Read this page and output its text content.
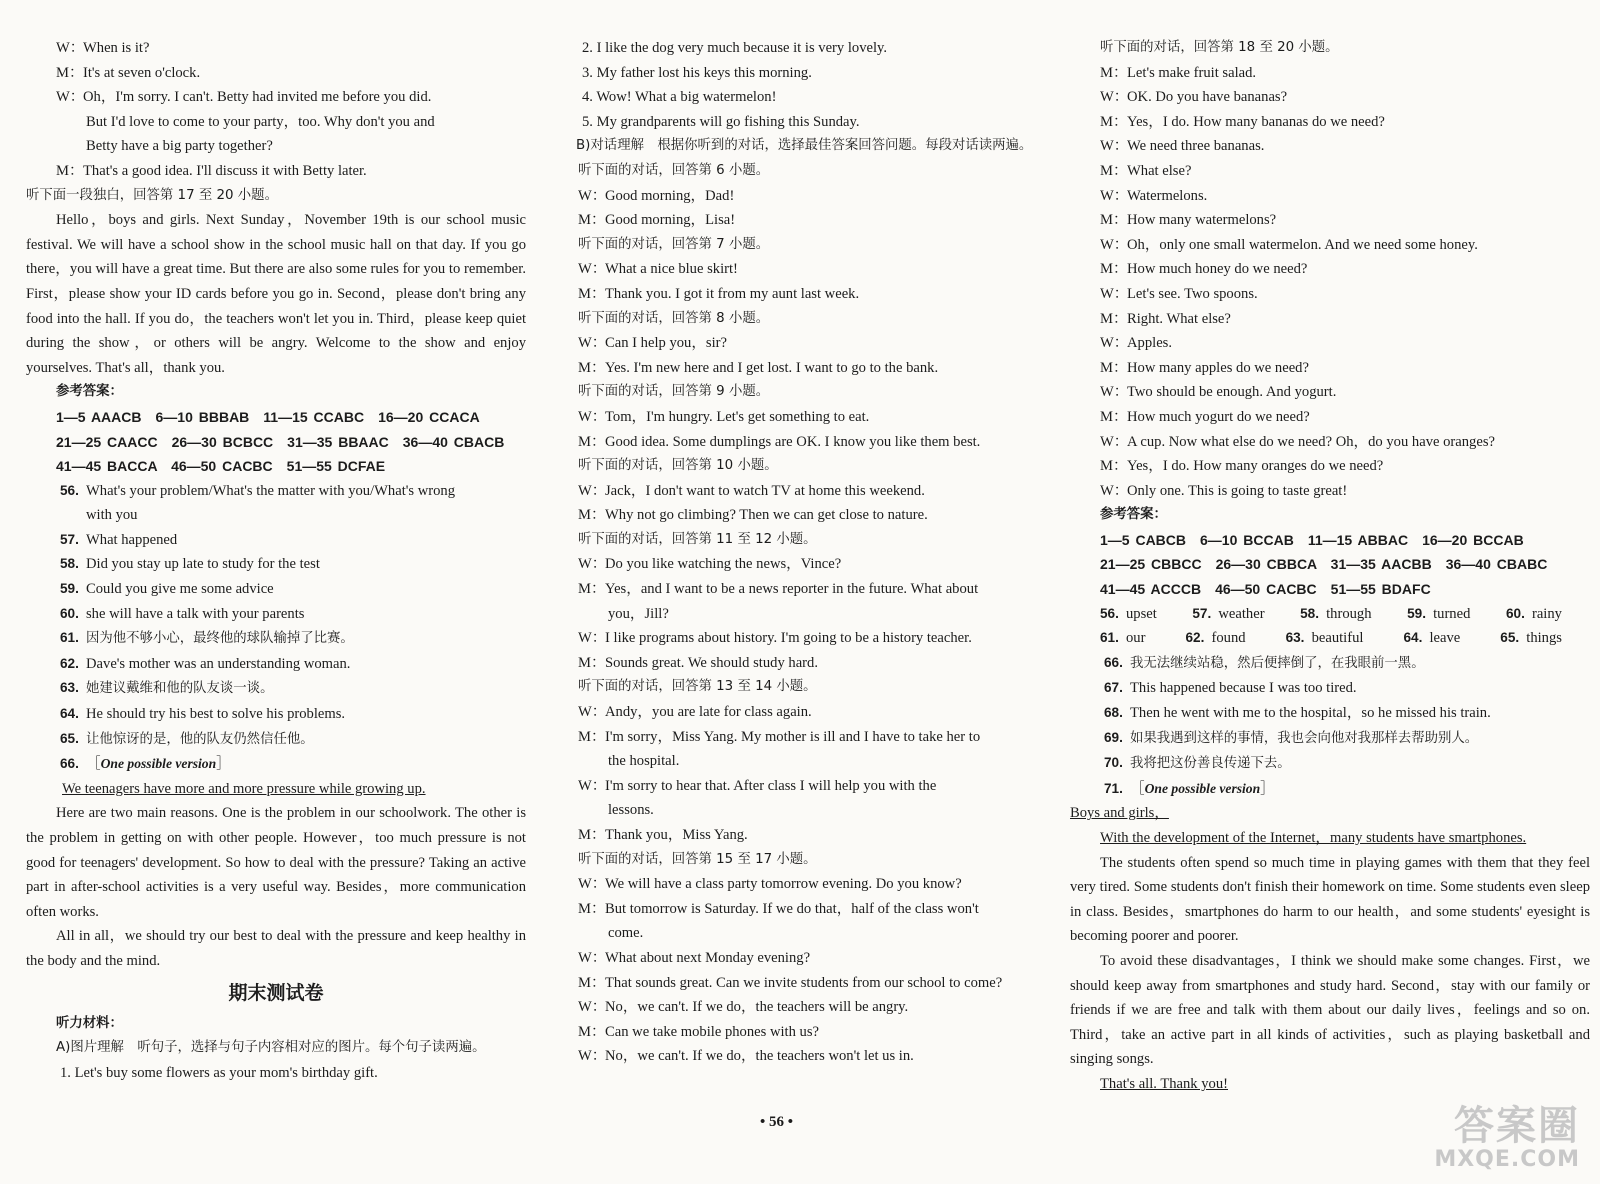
W：When is it?

M：It's at seven o'clock.

W：Oh，I'm sorry. I can't. Betty had invited me before you did.

But I'd love to come to your party，too. Why don't you and

Betty have a big party together?

M：That's a good idea. I'll discuss it with Betty later.

听下面一段独白，回答第 17 至 20 小题。

Hello，boys and girls. Next Sunday，November 19th is our school music festival. We will have a school show in the school music hall on that day. If you go there，you will have a great time. But there are also some rules for you to remember. First，please show your ID cards before you go in. Second，please don't bring any food into the hall. If you do，the teachers won't let you in. Third，please keep quiet during the show，or others will be angry. Welcome to the show and enjoy yourselves. That's all，thank you.

参考答案：

1—5 AAACB　6—10 BBBAB　11—15 CCABC　16—20 CCACA

21—25 CAACC　26—30 BCBCC　31—35 BBAAC　36—40 CBACB

41—45 BACCA　46—50 CACBC　51—55 DCFAE

56. What's your problem/What's the matter with you/What's wrong

with you

57. What happened

58. Did you stay up late to study for the test

59. Could you give me some advice

60. she will have a talk with your parents

61. 因为他不够小心，最终他的球队输掉了比赛。

62. Dave's mother was an understanding woman.

63. 她建议戴维和他的队友谈一谈。

64. He should try his best to solve his problems.

65. 让他惊讶的是，他的队友仍然信任他。

66. ［One possible version］

We teenagers have more and more pressure while growing up.

Here are two main reasons. One is the problem in our schoolwork. The other is the problem in getting on with other people. However，too much pressure is not good for teenagers' development. So how to deal with the pressure? Taking an active part in after-school activities is a very useful way. Besides，more communication often works.

All in all，we should try our best to deal with the pressure and keep healthy in the body and the mind.

期末测试卷

听力材料：

A)图片理解　听句子，选择与句子内容相对应的图片。每个句子读两遍。

1. Let's buy some flowers as your mom's birthday gift.

2. I like the dog very much because it is very lovely.

3. My father lost his keys this morning.

4. Wow! What a big watermelon!

5. My grandparents will go fishing this Sunday.

B)对话理解　根据你听到的对话，选择最佳答案回答问题。每段对话读两遍。

听下面的对话，回答第 6 小题。

W：Good morning，Dad!

M：Good morning，Lisa!

听下面的对话，回答第 7 小题。

W：What a nice blue skirt!

M：Thank you. I got it from my aunt last week.

听下面的对话，回答第 8 小题。

W：Can I help you，sir?

M：Yes. I'm new here and I get lost. I want to go to the bank.

听下面的对话，回答第 9 小题。

W：Tom，I'm hungry. Let's get something to eat.

M：Good idea. Some dumplings are OK. I know you like them best.

听下面的对话，回答第 10 小题。

W：Jack，I don't want to watch TV at home this weekend.

M：Why not go climbing? Then we can get close to nature.

听下面的对话，回答第 11 至 12 小题。

W：Do you like watching the news，Vince?

M：Yes，and I want to be a news reporter in the future. What about

you，Jill?

W：I like programs about history. I'm going to be a history teacher.

M：Sounds great. We should study hard.

听下面的对话，回答第 13 至 14 小题。

W：Andy，you are late for class again.

M：I'm sorry，Miss Yang. My mother is ill and I have to take her to

the hospital.

W：I'm sorry to hear that. After class I will help you with the

lessons.

M：Thank you，Miss Yang.

听下面的对话，回答第 15 至 17 小题。

W：We will have a class party tomorrow evening. Do you know?

M：But tomorrow is Saturday. If we do that，half of the class won't

come.

W：What about next Monday evening?

M：That sounds great. Can we invite students from our school to come?

W：No，we can't. If we do，the teachers will be angry.

M：Can we take mobile phones with us?

W：No，we can't. If we do，the teachers won't let us in.

听下面的对话，回答第 18 至 20 小题。

M：Let's make fruit salad.

W：OK. Do you have bananas?

M：Yes，I do. How many bananas do we need?

W：We need three bananas.

M：What else?

W：Watermelons.

M：How many watermelons?

W：Oh，only one small watermelon. And we need some honey.

M：How much honey do we need?

W：Let's see. Two spoons.

M：Right. What else?

W：Apples.

M：How many apples do we need?

W：Two should be enough. And yogurt.

M：How much yogurt do we need?

W：A cup. Now what else do we need? Oh，do you have oranges?

M：Yes，I do. How many oranges do we need?

W：Only one. This is going to taste great!

参考答案：

1—5 CABCB　6—10 BCCAB　11—15 ABBAC　16—20 BCCAB

21—25 CBBCC　26—30 CBBCA　31—35 AACBB　36—40 CBABC

41—45 ACCCB　46—50 CACBC　51—55 BDAFC

56. upset	57. weather	58. through	59. turned	60. rainy

61. our	62. found	63. beautiful	64. leave	65. things

66. 我无法继续站稳，然后便摔倒了，在我眼前一黑。

67. This happened because I was too tired.

68. Then he went with me to the hospital，so he missed his train.

69. 如果我遇到这样的事情，我也会向他对我那样去帮助别人。

70. 我将把这份善良传递下去。

71. ［One possible version］

Boys and girls，

With the development of the Internet，many students have smartphones.

The students often spend so much time in playing games with them that they feel very tired. Some students don't finish their homework on time. Some students even sleep in class. Besides，smartphones do harm to our health，and some students' eyesight is becoming poorer and poorer.

To avoid these disadvantages，I think we should make some changes. First，we should keep away from smartphones and study hard. Second，stay with our family or friends if we are free and talk with them about our daily lives，feelings and so on. Third，take an active part in all kinds of activities，such as playing basketball and singing songs.

That's all. Thank you!

• 56 •	答案圈
MXQE.COM
